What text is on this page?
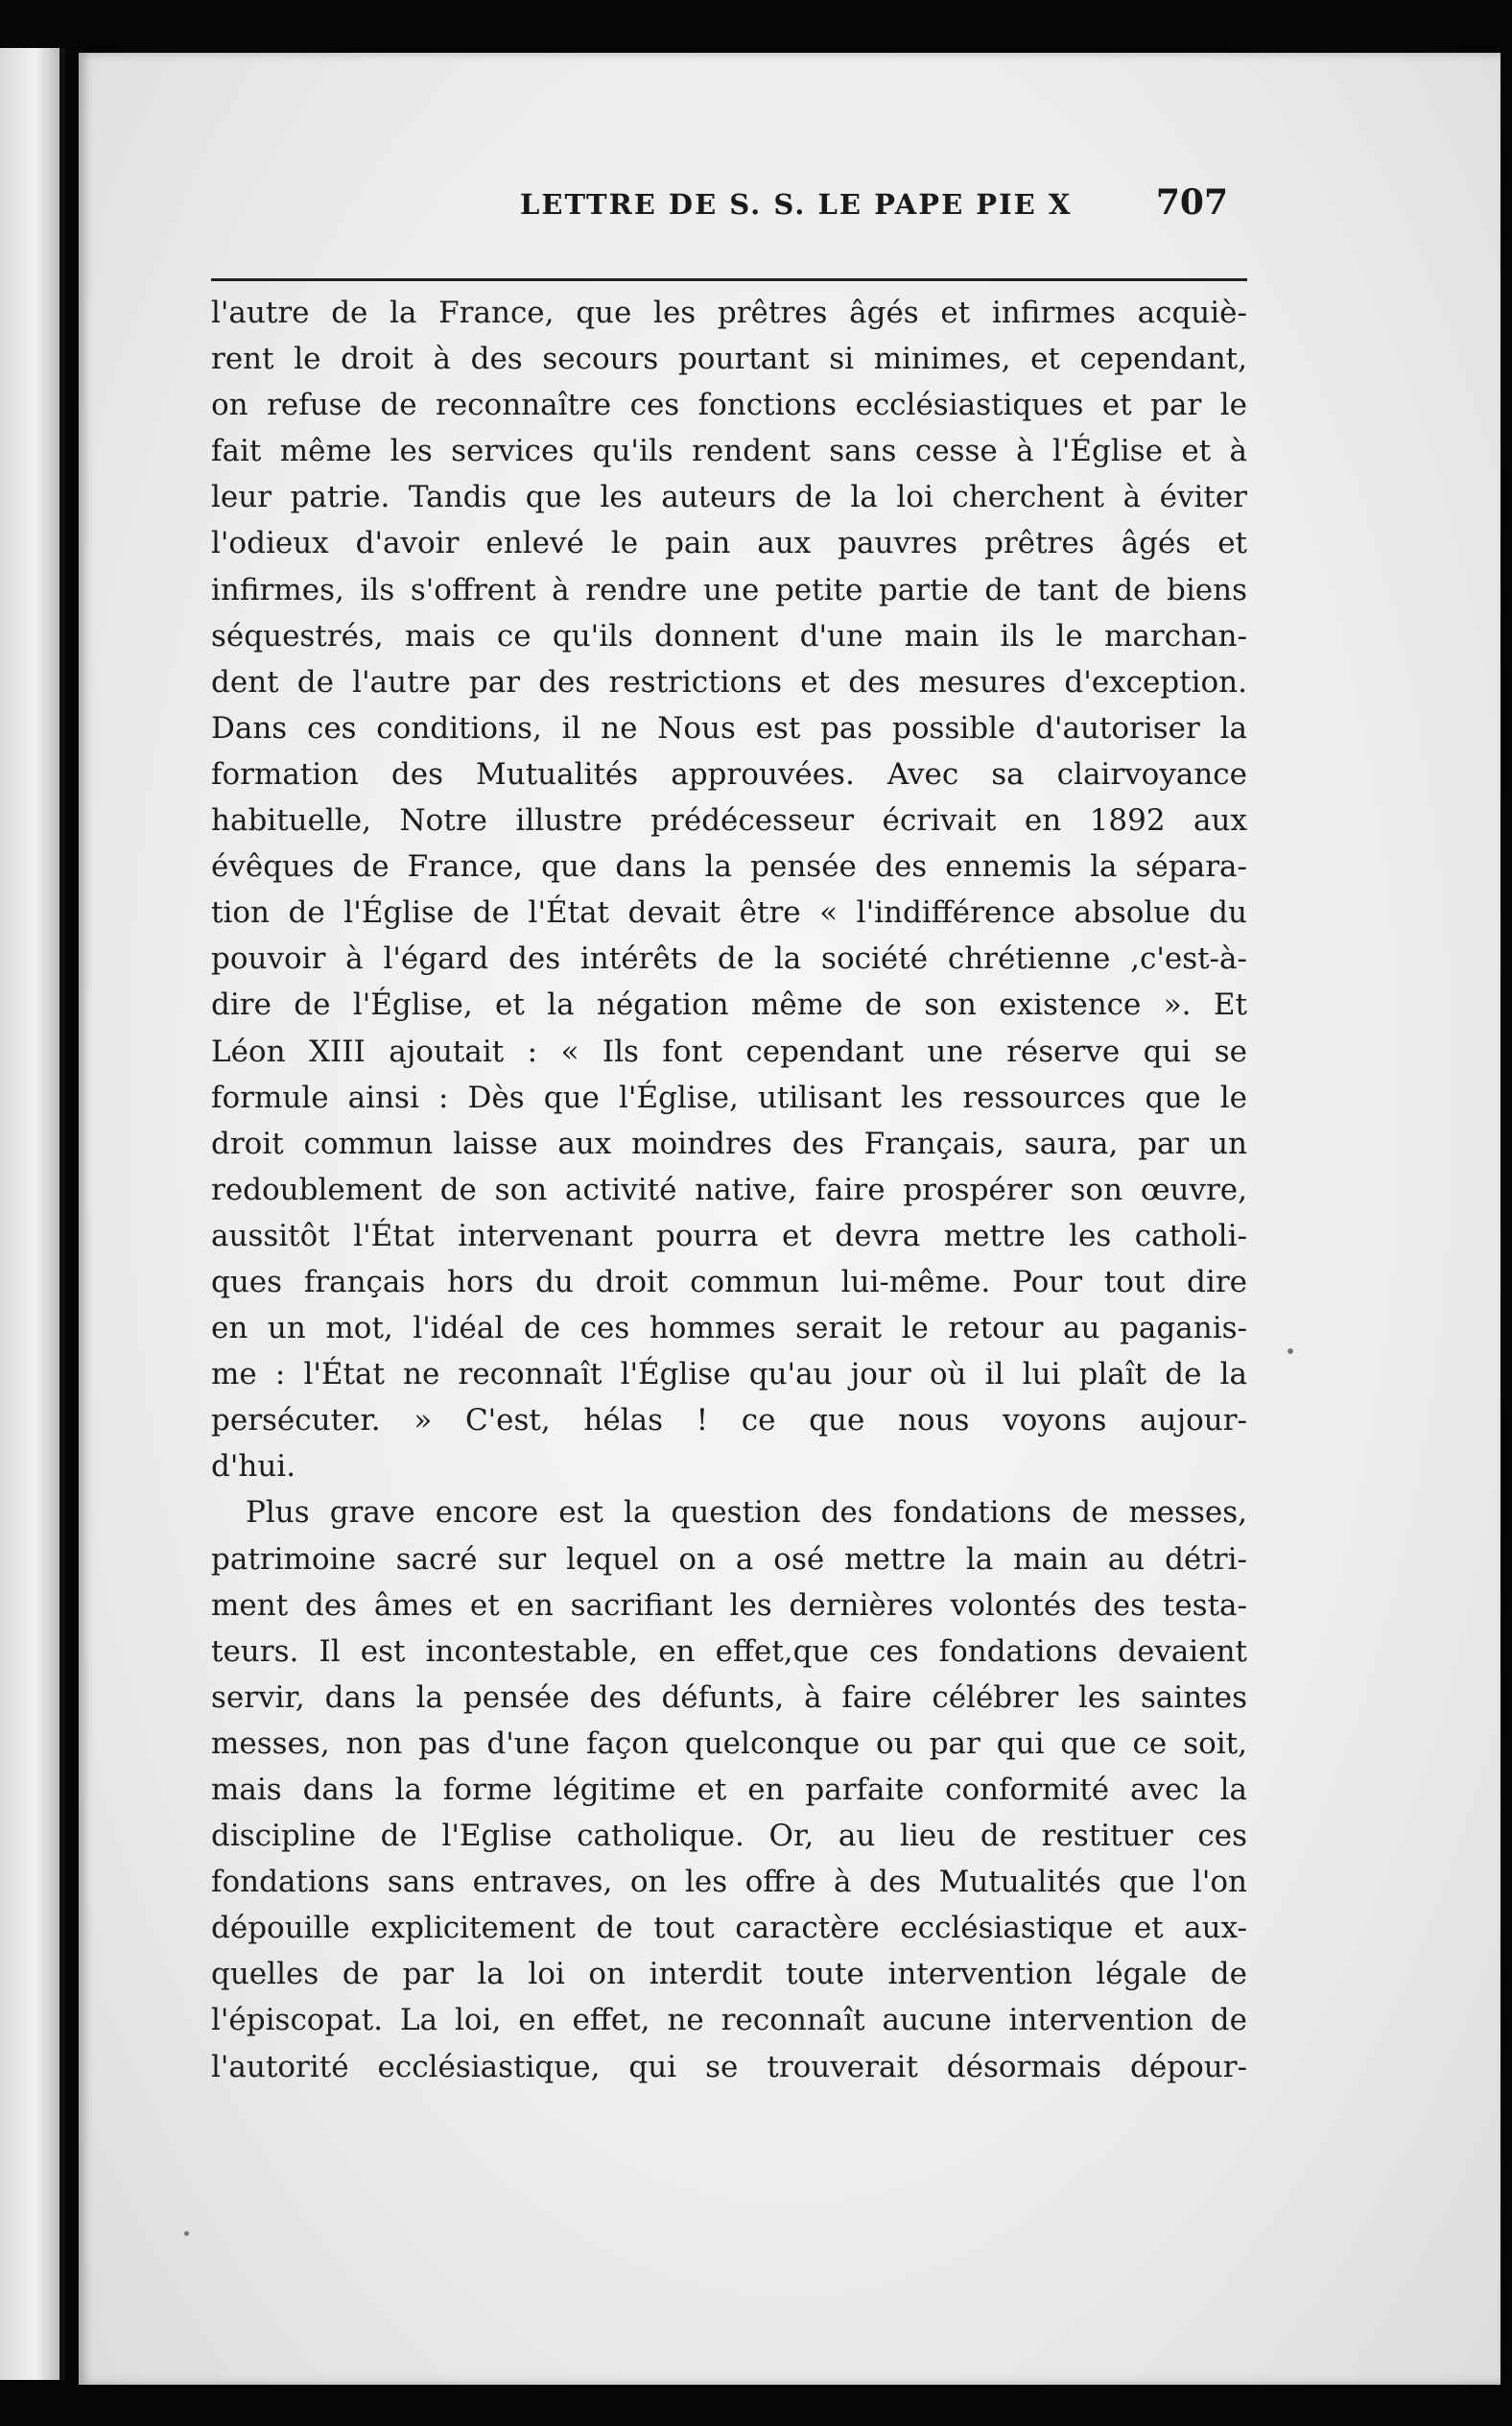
LETTRE DE S. S. LE PAPE PIE X 707
l'autre de la France, que les prêtres âgés et infirmes acquiè-
rent le droit à des secours pourtant si minimes, et cependant,
on refuse de reconnaître ces fonctions ecclésiastiques et par le
fait même les services qu'ils rendent sans cesse à l'Église et à
leur patrie. Tandis que les auteurs de la loi cherchent à éviter
l'odieux d'avoir enlevé le pain aux pauvres prêtres âgés et
infirmes, ils s'offrent à rendre une petite partie de tant de biens
séquestrés, mais ce qu'ils donnent d'une main ils le marchan-
dent de l'autre par des restrictions et des mesures d'exception.
Dans ces conditions, il ne Nous est pas possible d'autoriser la
formation des Mutualités approuvées. Avec sa clairvoyance
habituelle, Notre illustre prédécesseur écrivait en 1892 aux
évêques de France, que dans la pensée des ennemis la sépara-
tion de l'Église de l'État devait être « l'indifférence absolue du
pouvoir à l'égard des intérêts de la société chrétienne ,c'est-à-
dire de l'Église, et la négation même de son existence ». Et
Léon XIII ajoutait : « Ils font cependant une réserve qui se
formule ainsi : Dès que l'Église, utilisant les ressources que le
droit commun laisse aux moindres des Français, saura, par un
redoublement de son activité native, faire prospérer son œuvre,
aussitôt l'État intervenant pourra et devra mettre les catholi-
ques français hors du droit commun lui-même. Pour tout dire
en un mot, l'idéal de ces hommes serait le retour au paganis-
me : l'État ne reconnaît l'Église qu'au jour où il lui plaît de la
persécuter. » C'est, hélas ! ce que nous voyons aujour-
d'hui.
Plus grave encore est la question des fondations de messes,
patrimoine sacré sur lequel on a osé mettre la main au détri-
ment des âmes et en sacrifiant les dernières volontés des testa-
teurs. Il est incontestable, en effet,que ces fondations devaient
servir, dans la pensée des défunts, à faire célébrer les saintes
messes, non pas d'une façon quelconque ou par qui que ce soit,
mais dans la forme légitime et en parfaite conformité avec la
discipline de l'Eglise catholique. Or, au lieu de restituer ces
fondations sans entraves, on les offre à des Mutualités que l'on
dépouille explicitement de tout caractère ecclésiastique et aux-
quelles de par la loi on interdit toute intervention légale de
l'épiscopat. La loi, en effet, ne reconnaît aucune intervention de
l'autorité ecclésiastique, qui se trouverait désormais dépour-
